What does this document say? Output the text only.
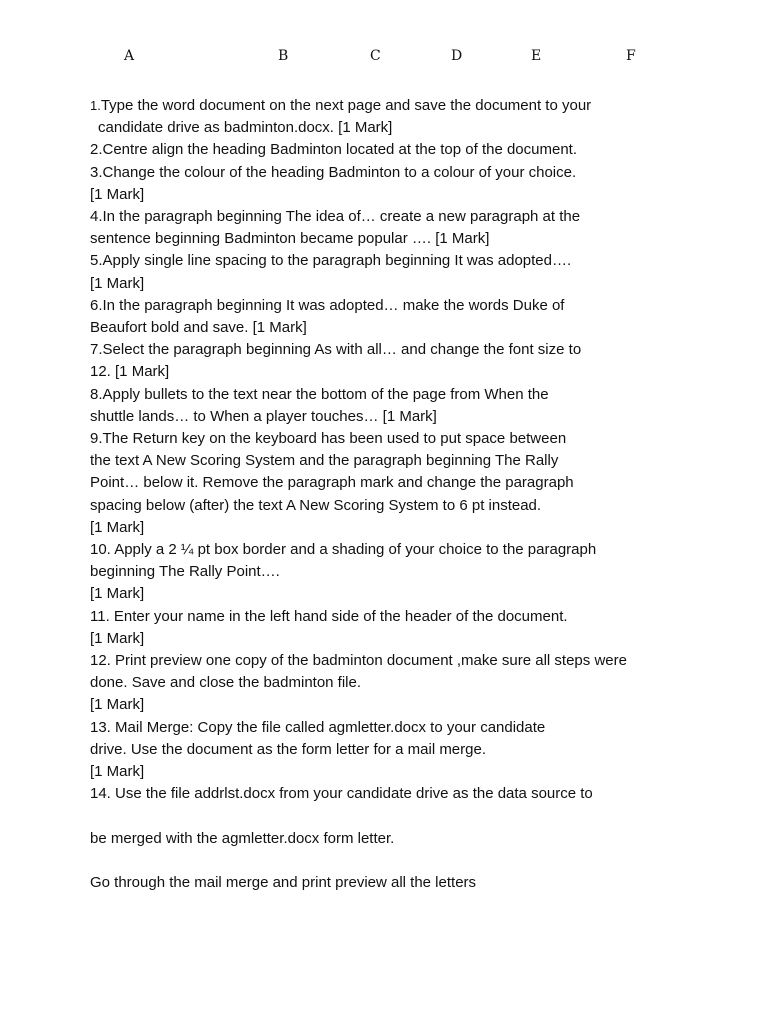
A	B	C	D	E	F
1.Type the word document on the next page and save the document to your
candidate drive as badminton.docx. [1 Mark]
2.Centre align the heading Badminton located at the top of the document.
3.Change the colour of the heading Badminton to a colour of your choice.
[1 Mark]
4.In the paragraph beginning The idea of… create a new paragraph at the
sentence beginning Badminton became popular …. [1 Mark]
5.Apply single line spacing to the paragraph beginning It was adopted….
[1 Mark]
6.In the paragraph beginning It was adopted… make the words Duke of
Beaufort bold and save. [1 Mark]
7.Select the paragraph beginning As with all… and change the font size to
12. [1 Mark]
8.Apply bullets to the text near the bottom of the page from When the
shuttle lands… to When a player touches… [1 Mark]
9.The Return key on the keyboard has been used to put space between
the text A New Scoring System and the paragraph beginning The Rally
Point… below it. Remove the paragraph mark and change the paragraph
spacing below (after) the text A New Scoring System to 6 pt instead.
[1 Mark]
10. Apply a 2 ¼ pt box border and a shading of your choice to the paragraph
beginning The Rally Point….
[1 Mark]
11. Enter your name in the left hand side of the header of the document.
[1 Mark]
12. Print preview one copy of the badminton document ,make sure all steps were
done. Save and close the badminton file.
[1 Mark]
13. Mail Merge: Copy the file called agmletter.docx to your candidate
drive. Use the document as the form letter for a mail merge.
[1 Mark]
14. Use the file addrlst.docx from your candidate drive as the data source to
be merged with the agmletter.docx form letter.
Go through the mail merge and print preview all the letters
